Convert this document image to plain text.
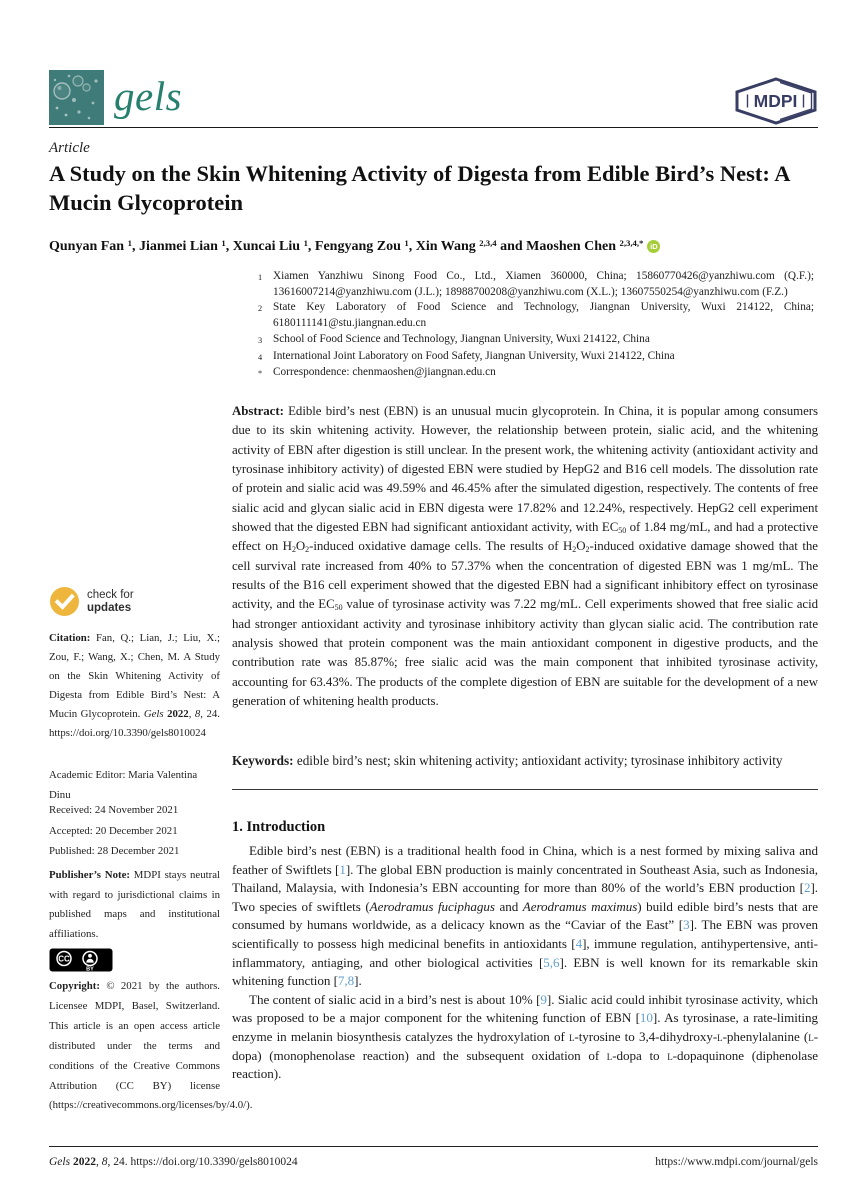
gels	MDPI
Article
A Study on the Skin Whitening Activity of Digesta from Edible Bird’s Nest: A Mucin Glycoprotein
Qunyan Fan $^1$, Jianmei Lian $^1$, Xuncai Liu $^1$, Fengyang Zou $^1$, Xin Wang $^{2,3,4}$ and Maoshen Chen $^{2,3,4,*}$ iD
1 Xiamen Yanzhiwu Sinong Food Co., Ltd., Xiamen 360000, China; 15860770426@yanzhiwu.com (Q.F.); 13616007214@yanzhiwu.com (J.L.); 18988700208@yanzhiwu.com (X.L.); 13607550254@yanzhiwu.com (F.Z.)
2 State Key Laboratory of Food Science and Technology, Jiangnan University, Wuxi 214122, China; 6180111141@stu.jiangnan.edu.cn
3 School of Food Science and Technology, Jiangnan University, Wuxi 214122, China
4 International Joint Laboratory on Food Safety, Jiangnan University, Wuxi 214122, China
* Correspondence: chenmaoshen@jiangnan.edu.cn
Abstract: Edible bird’s nest (EBN) is an unusual mucin glycoprotein. In China, it is popular among consumers due to its skin whitening activity. However, the relationship between protein, sialic acid, and the whitening activity of EBN after digestion is still unclear. In the present work, the whitening activity (antioxidant activity and tyrosinase inhibitory activity) of digested EBN were studied by HepG2 and B16 cell models. The dissolution rate of protein and sialic acid was 49.59% and 46.45% after the simulated digestion, respectively. The contents of free sialic acid and glycan sialic acid in EBN digesta were 17.82% and 12.24%, respectively. HepG2 cell experiment showed that the digested EBN had significant antioxidant activity, with EC50 of 1.84 mg/mL, and had a protective effect on H2O2-induced oxidative damage cells. The results of H2O2-induced oxidative damage showed that the cell survival rate increased from 40% to 57.37% when the concentration of digested EBN was 1 mg/mL. The results of the B16 cell experiment showed that the digested EBN had a significant inhibitory effect on tyrosinase activity, and the EC50 value of tyrosinase activity was 7.22 mg/mL. Cell experiments showed that free sialic acid had stronger antioxidant activity and tyrosinase inhibitory activity than glycan sialic acid. The contribution rate analysis showed that protein component was the main antioxidant component in digestive products, and the contribution rate was 85.87%; free sialic acid was the main component that inhibited tyrosinase activity, accounting for 63.43%. The products of the complete digestion of EBN are suitable for the development of a new generation of whitening health products.
Keywords: edible bird’s nest; skin whitening activity; antioxidant activity; tyrosinase inhibitory activity
1. Introduction

Edible bird’s nest (EBN) is a traditional health food in China, which is a nest formed by mixing saliva and feather of Swiftlets [1]. The global EBN production is mainly concentrated in Southeast Asia, such as Indonesia, Thailand, Malaysia, with Indonesia’s EBN accounting for more than 80% of the world’s EBN production [2]. Two species of swiftlets (Aerodramus fuciphagus and Aerodramus maximus) build edible bird’s nests that are consumed by humans worldwide, as a delicacy known as the “Caviar of the East” [3]. The EBN was proven scientifically to possess high medicinal benefits in antioxidants [4], immune regulation, antihypertensive, anti-inflammatory, antiaging, and other biological activities [5,6]. EBN is well known for its remarkable skin whitening function [7,8].

The content of sialic acid in a bird’s nest is about 10% [9]. Sialic acid could inhibit tyrosinase activity, which was proposed to be a major component for the whitening function of EBN [10]. As tyrosinase, a rate-limiting enzyme in melanin biosynthesis catalyzes the hydroxylation of l-tyrosine to 3,4-dihydroxy-l-phenylalanine (l-dopa) (monophenolase reaction) and the subsequent oxidation of l-dopa to l-dopaquinone (diphenolase reaction).

check for
updates
Citation: Fan, Q.; Lian, J.; Liu, X.; Zou, F.; Wang, X.; Chen, M. A Study on the Skin Whitening Activity of Digesta from Edible Bird’s Nest: A Mucin Glycoprotein. Gels 2022, 8, 24. https://doi.org/10.3390/gels8010024
Academic Editor: Maria Valentina Dinu
Received: 24 November 2021
Accepted: 20 December 2021
Published: 28 December 2021
Publisher’s Note: MDPI stays neutral with regard to jurisdictional claims in published maps and institutional affiliations.
CC
BY
Copyright: © 2021 by the authors. Licensee MDPI, Basel, Switzerland. This article is an open access article distributed under the terms and conditions of the Creative Commons Attribution (CC BY) license (https://creativecommons.org/licenses/by/4.0/).
Gels 2022, 8, 24. https://doi.org/10.3390/gels8010024	https://www.mdpi.com/journal/gels
